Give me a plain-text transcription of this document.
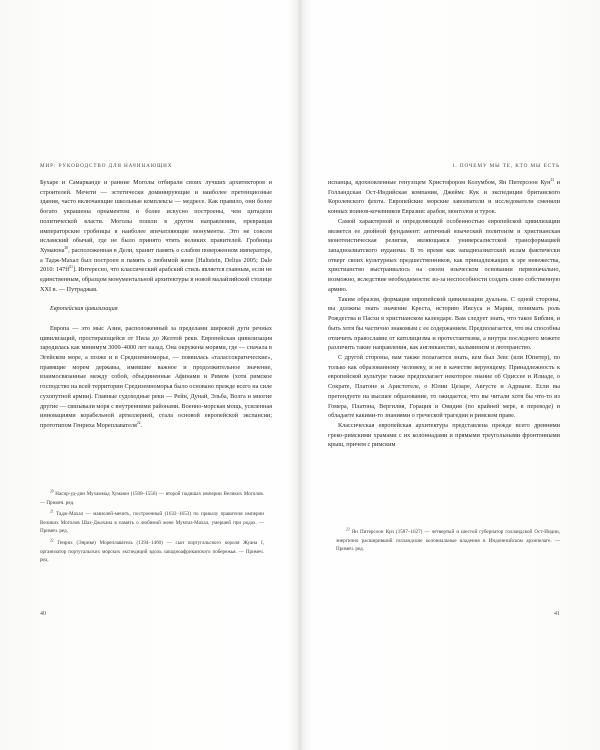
МИР: РУКОВОДСТВО ДЛЯ НАЧИНАЮЩИХ

Бухаре и Самарканде и ранние Моголы отбирали своих лучших архитекторов и строителей. Мечети — эстетически доминирующие и наиболее претенциозные здания, часто включающие школьные комплексы — медресе. Как правило, они более богато украшены орнаментом и более искусно построены, чем цитадели политической власти. Моголы пошли в другом направлении, превращая императорские гробницы в наиболее впечатляющие монументы. Это не совсем исламский обычай, где не было принято чтить великих правителей. Гробница Хумаюна$^{20}$, расположенная в Дели, хранит память о слабом поверженном императоре, а Тадж-Махал был построен в память о любимой жене [Haltstein, Delius 2005; Dale 2010: $147ff^{21}$]. Интересно, что классический арабский стиль является главным, если не единственным, образцом монументальной архитектуры в новой малайзийской столице XXI в. — Путраджая.

Европейская цивилизация

Европа — это мыс Азии, расположенный за пределами широкой дуги речных цивилизаций, простирающейся от Нила до Желтой реки. Европейская цивилизация зародилась как минимум 3000–4000 лет назад. Она окружена морями, где — сначала в Эгейском море, а позже и в Средиземноморье, — появилась «талассократические», правящие морем державы, имевшие важное и продолжительное значение, взаимосвязанные между собой, объединенные Афинами и Римом (хотя римское господство на всей территории Средиземноморья было основано прежде всего на силе сухопутной армии). Главные судоходные реки — Рейн, Дунай, Эльба, Волга и многие другие — связывали моря с внутренними районами. Военно-морская мощь, усиленная инновациями корабельной артиллерией, стала основой европейской экспансии; прототипом Генриха Мореплавателя$^{22}$.

$^{20}$ Насир-уд-дин Мухаммад Хумаюн (1508–1556) — второй падишах империи Великих Моголов. — Примеч. ред.

$^{21}$ Тадж-Махал — мавзолей-мечеть, построенный (1632–1653) по приказу правителя империи Великих Моголов Шах-Джахана в память о любимой жене Мумтаз-Махал, умершей при родах. — Примеч. ред.

$^{22}$ Генрих (Энрике) Мореплаватель (1394–1460) — сын португальского короля Жуана I, организатор португальских морских экспедиций вдоль западноафриканского побережья. — Примеч. ред.

40
1. ПОЧЕМУ МЫ ТЕ, КТО МЫ ЕСТЬ

испанцы, вдохновленные генуэзцем Христофором Колумбом, Ян Питерсоон Кун$^{23}$ и Голландская Ост-Индийская компания, Джеймс Кук и экспедиции британского Королевского флота. Европейские морские завоеватели и исследователи сменили конных воинов-кочевников Евразии: арабов, монголов и турок.

Самой характерной и определяющей особенностью европейской цивилизации является ее двойной фундамент: античный языческий политеизм и христианская монотеистическая религия, являющаяся универсалистской трансформацией западноазиатского иудаизма. В то время как западноазиатский ислам фактически отверг своих культурных предшественников, как принадлежащих к эре невежества, христианство выстраивалось на своем языческом основании первоначально, возможно, вследствие необходимости: из-за неспособности создать свою собственную армию.

Таким образом, формация европейской цивилизации дуальна. С одной стороны, вы должны знать значение Креста, историю Иисуса и Марии, понимать роль Рождества и Пасхи в христианском календаре. Вам следует знать, что такое Библия, и быть хотя бы частично знакомым с ее содержанием. Предполагается, что вы способны отличить православие от католицизма и протестантизма, а внутри последнего можете различить такие направления, как англиканство, кальвинизм и лютеранство.

С другой стороны, вам также полагается знать, кем был Зевс (или Юпитер), по только как образованному человеку, и не в качестве верующему. Принадлежность к европейской культуре также предполагает некоторое знание об Одиссее и Илиаде, о Сократе, Платоне и Аристотеле, о Юлии Цезаре, Августе и Адриане. Если вы претендуете на высшее образование, то ожидается, что вы читали хотя бы что-то из Гомера, Платона, Вергилия, Горация и Овидия (по крайней мере, в переводе) и обладаете какими-то знаниями о греческой трагедии и римском праве.

Классическая европейская архитектура представлена прежде всего древними греко-римскими храмами с их колоннадами и прямыми треугольными фронтонными крыш, причем с римским

$^{23}$ Ян Питерсоон Кун (1587–1627) — четвертый и шестой губернатор голландской Ост-Индии, энергично расширивший голландские колониальные владения в Индонезийском архипелаге. — Примеч. ред.

41
